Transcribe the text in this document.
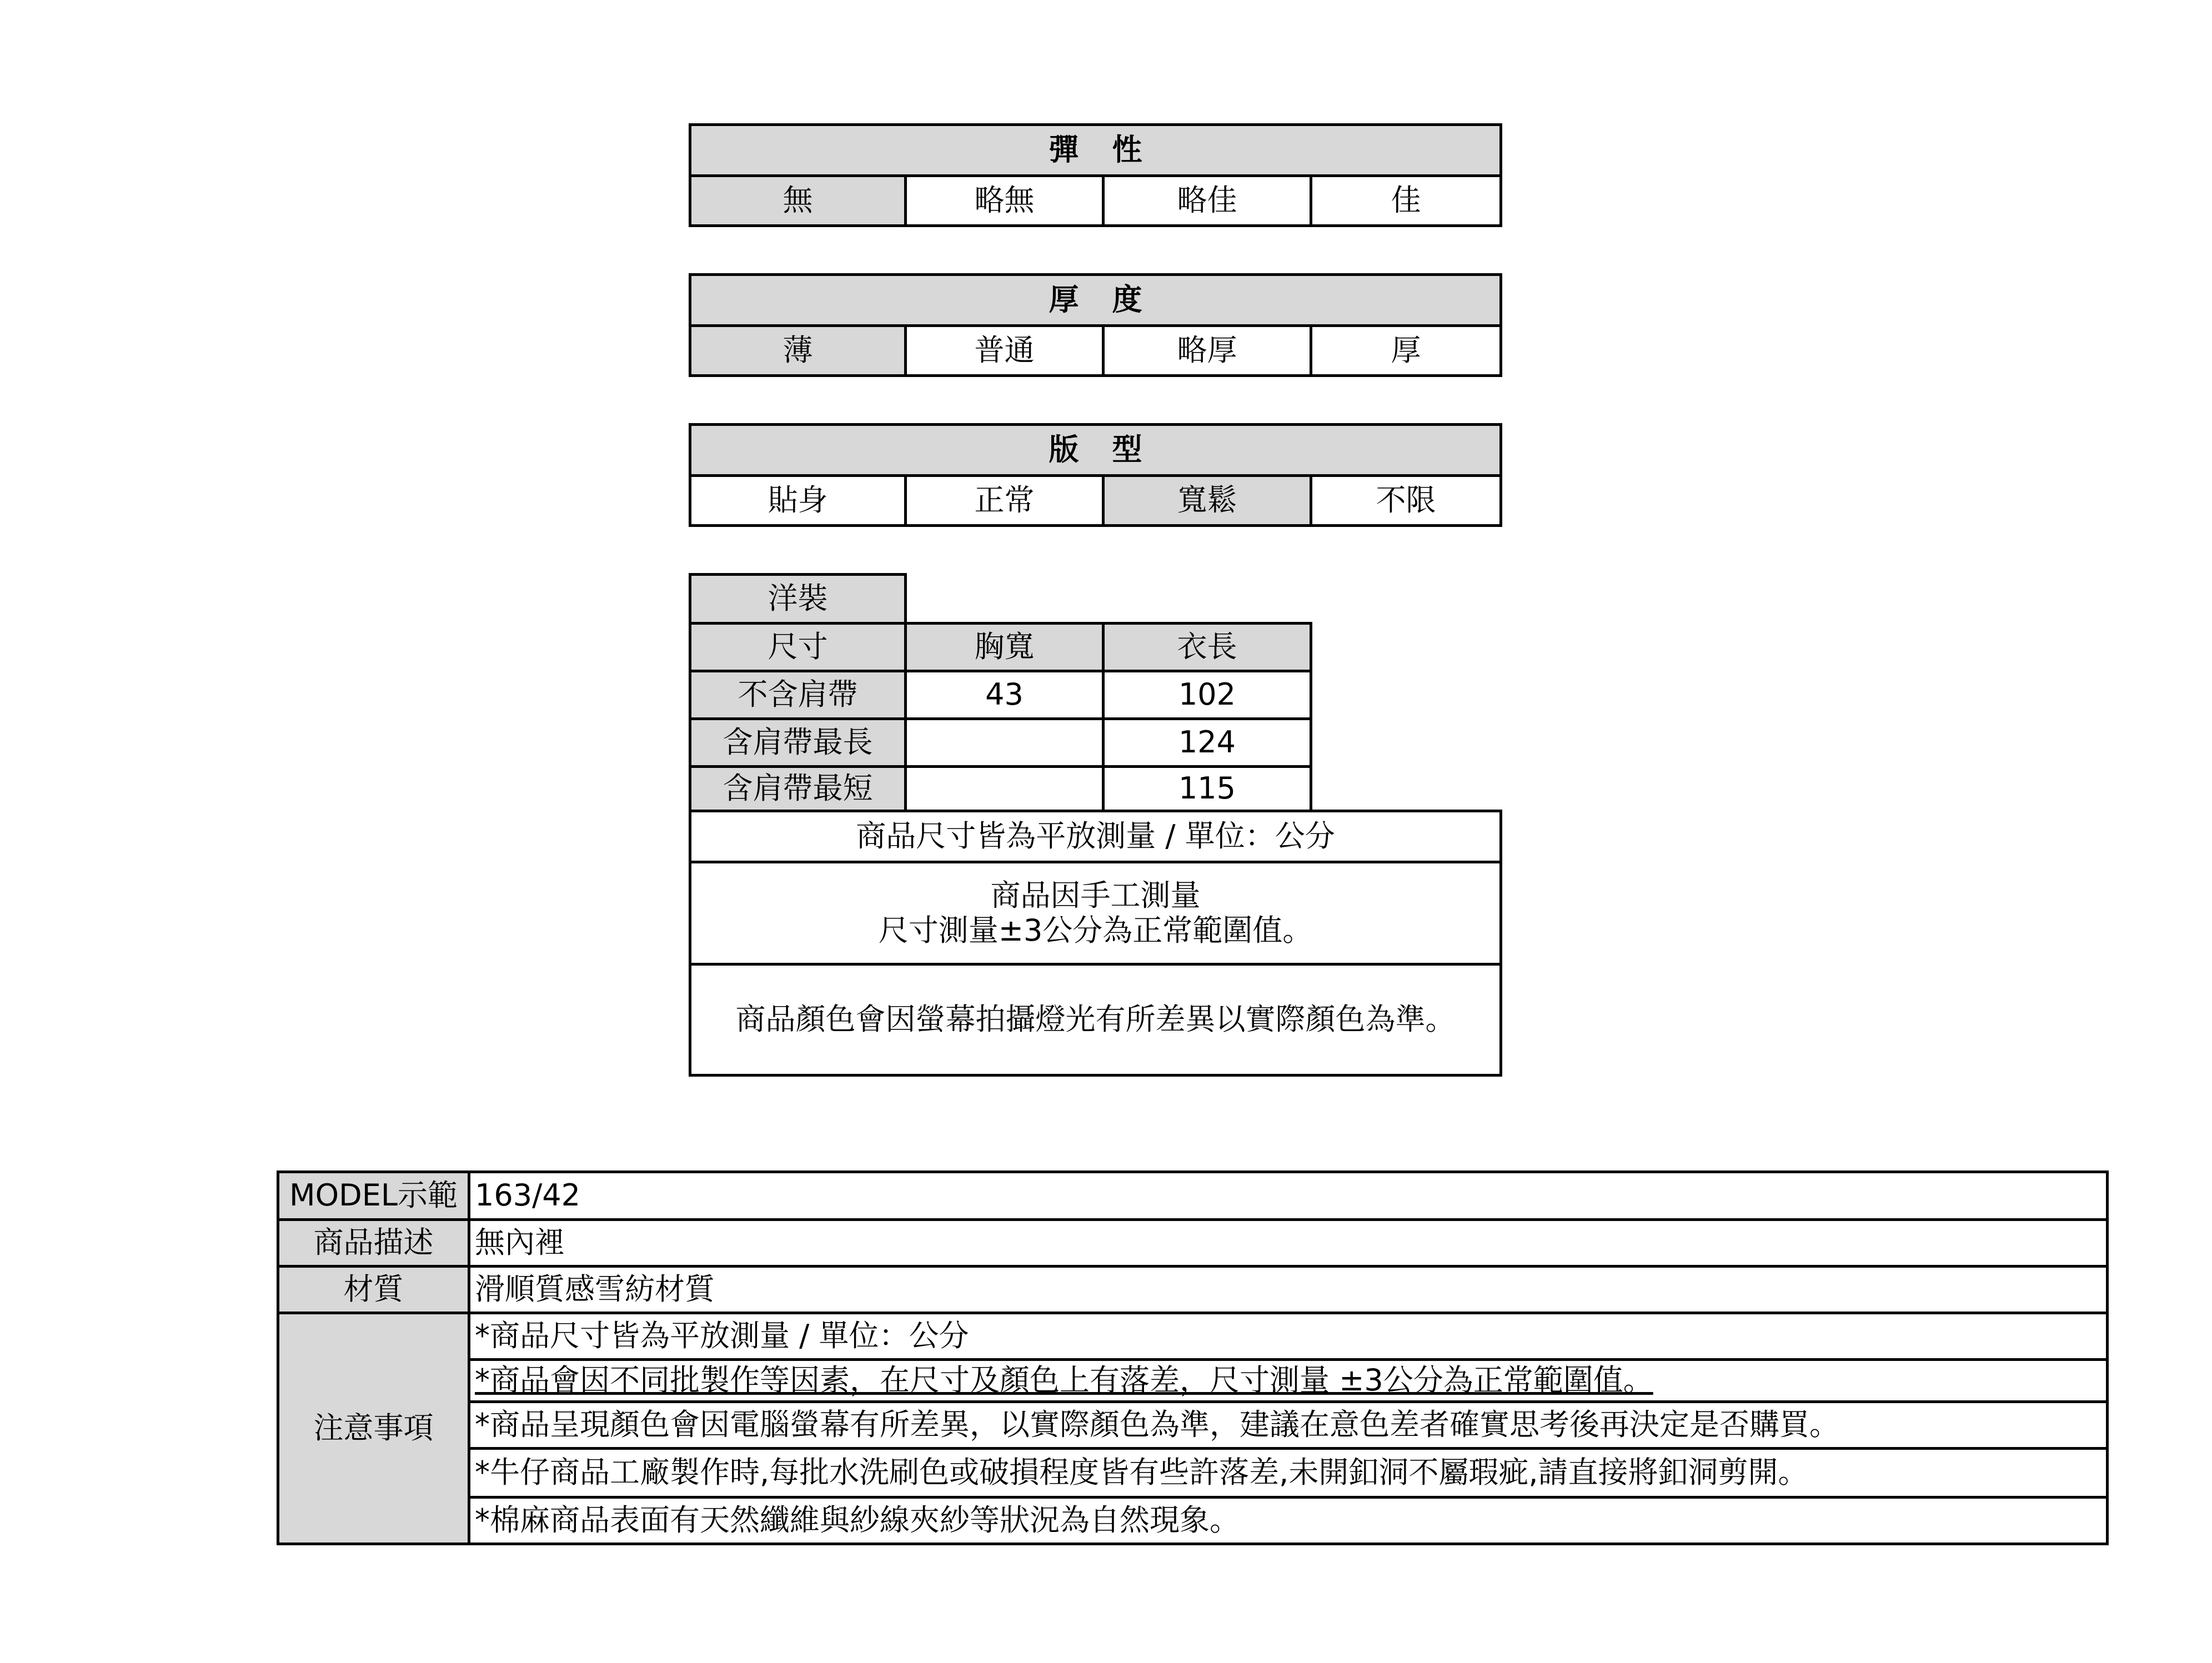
彈性
無	略無	略佳	佳
厚度
薄	普通	略厚	厚
版型
貼身	正常	寬鬆	不限
洋裝			
尺寸	胸寬	衣長	
不含肩帶	43	102	
含肩帶最長		124	
含肩帶最短		115	
商品尺寸皆為平放測量 / 單位：公分			

商品因手工測量
尺寸測量±3公分為正常範圍值。			

商品顏色會因螢幕拍攝燈光有所差異以實際顏色為準。			
MODEL示範	163/42
商品描述	無內裡
材質	滑順質感雪紡材質
注意事項	*商品尺寸皆為平放測量 / 單位：公分
	*商品會因不同批製作等因素，在尺寸及顏色上有落差，尺寸測量 ±3公分為正常範圍值。
	*商品呈現顏色會因電腦螢幕有所差異，以實際顏色為準，建議在意色差者確實思考後再決定是否購買。
	*牛仔商品工廠製作時,每批水洗刷色或破損程度皆有些許落差,未開釦洞不屬瑕疵,請直接將釦洞剪開。
	*棉麻商品表面有天然纖維與紗線夾紗等狀況為自然現象。
